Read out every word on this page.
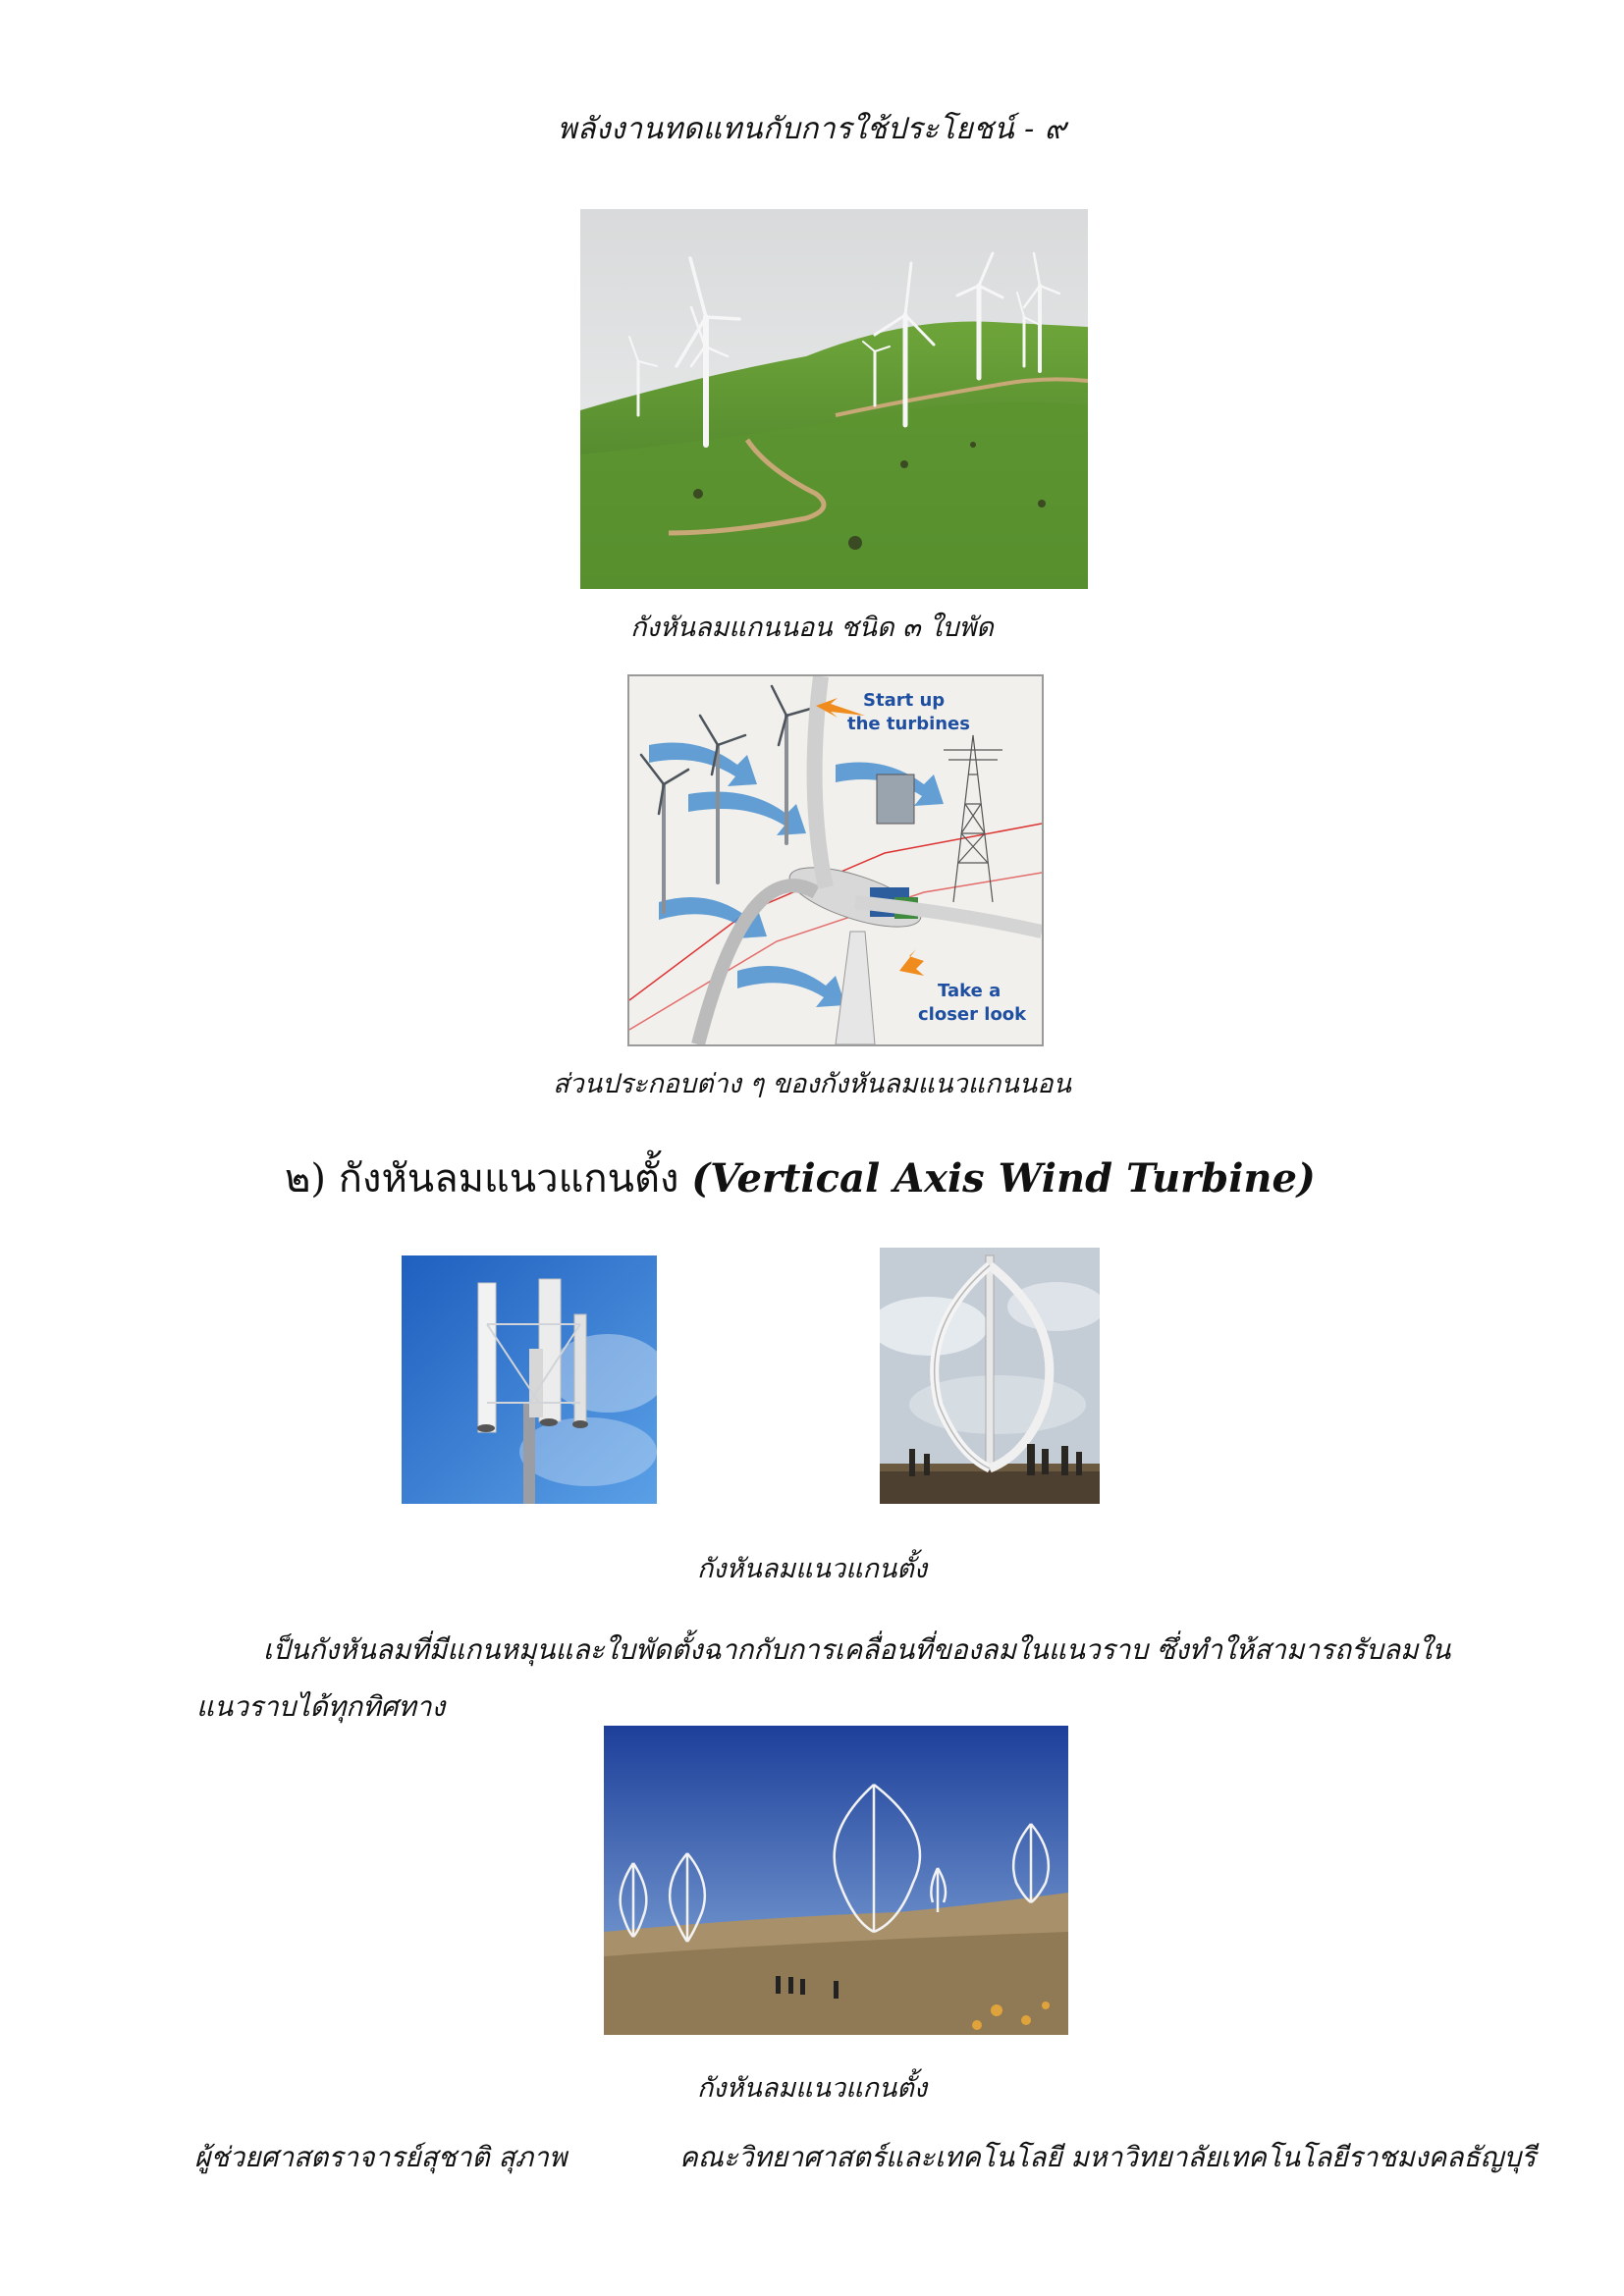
พลังงานทดแทนกับการใช้ประโยชน์ - ๙
กังหันลมแกนนอน ชนิด ๓ ใบพัด
Start up
the turbines
Take a
closer look
ส่วนประกอบต่าง ๆ ของกังหันลมแนวแกนนอน
๒) กังหันลมแนวแกนตั้ง (Vertical Axis Wind Turbine)
กังหันลมแนวแกนตั้ง
เป็นกังหันลมที่มีแกนหมุนและใบพัดตั้งฉากกับการเคลื่อนที่ของลมในแนวราบ ซึ่งทำให้สามารถรับลมในแนวราบได้ทุกทิศทาง
กังหันลมแนวแกนตั้ง
ผู้ช่วยศาสตราจารย์สุชาติ สุภาพ	คณะวิทยาศาสตร์และเทคโนโลยี มหาวิทยาลัยเทคโนโลยีราชมงคลธัญบุรี
